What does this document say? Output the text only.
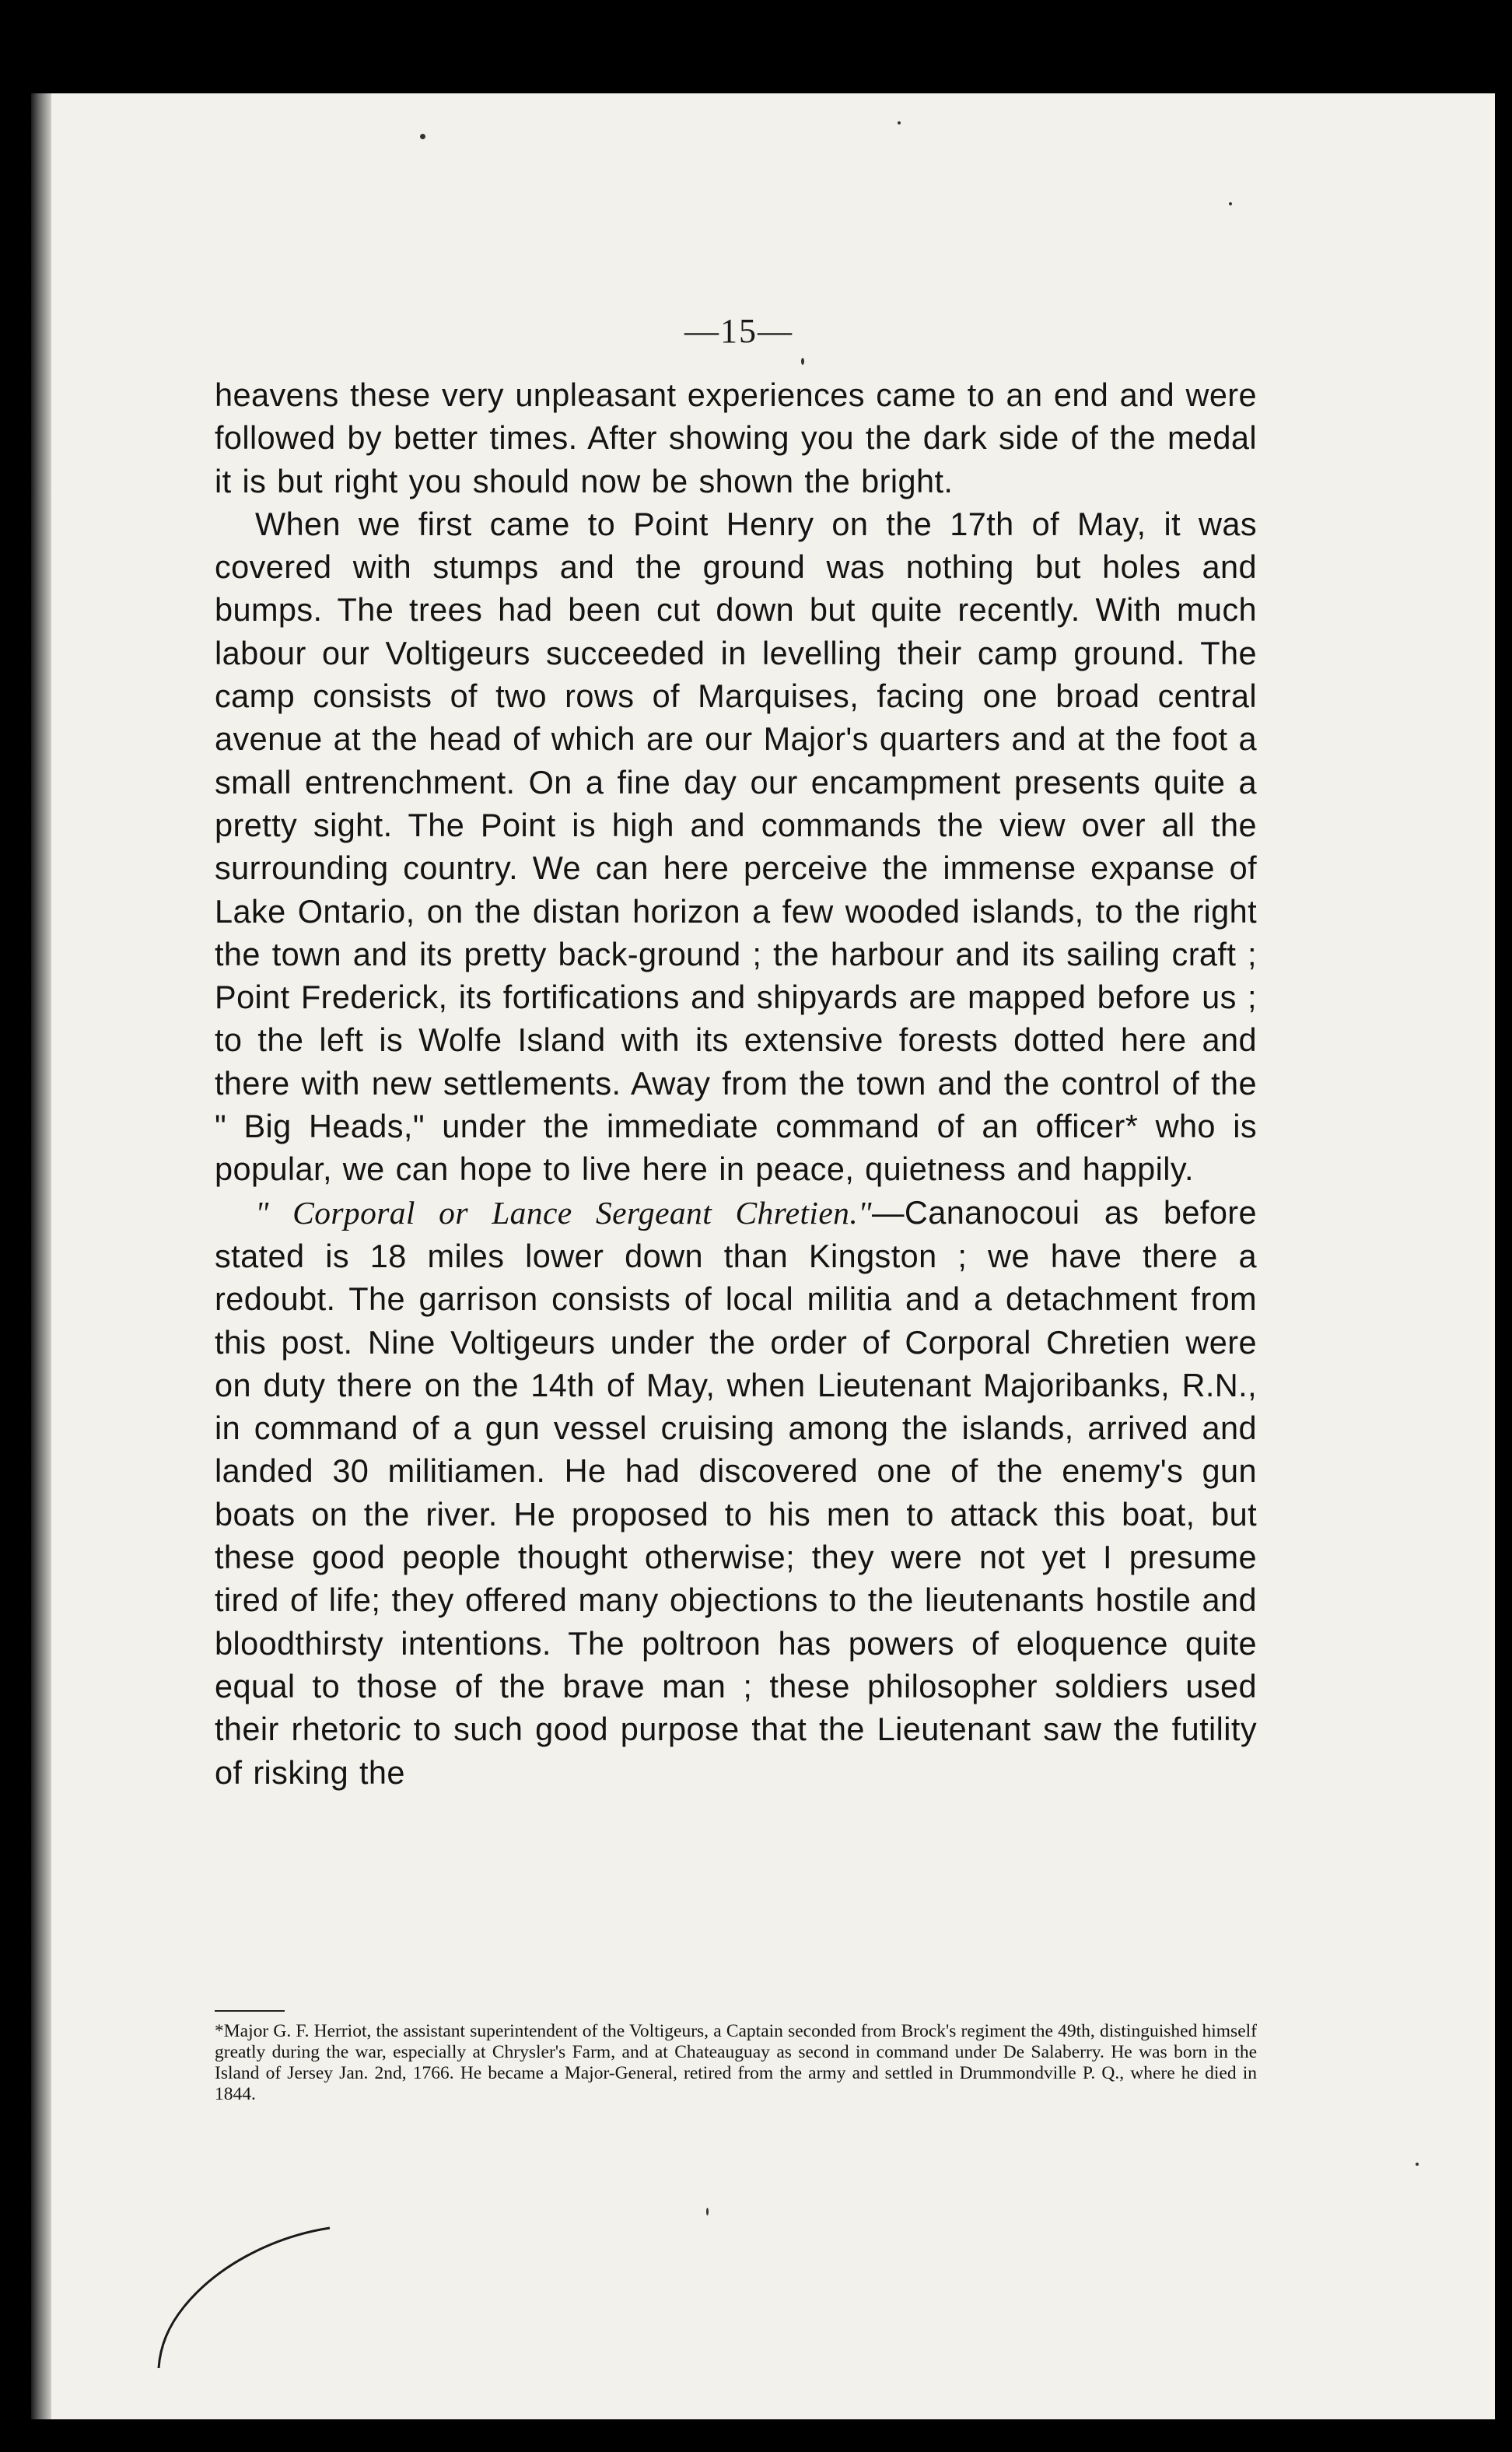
—15—

heavens these very unpleasant experiences came to an end and were followed by better times. After showing you the dark side of the medal it is but right you should now be shown the bright.

When we first came to Point Henry on the 17th of May, it was covered with stumps and the ground was nothing but holes and bumps. The trees had been cut down but quite recently. With much labour our Voltigeurs succeeded in levelling their camp ground. The camp consists of two rows of Marquises, facing one broad central avenue at the head of which are our Major's quarters and at the foot a small entrenchment. On a fine day our encampment presents quite a pretty sight. The Point is high and commands the view over all the surrounding country. We can here perceive the immense expanse of Lake Ontario, on the distan horizon a few wooded islands, to the right the town and its pretty back-ground ; the harbour and its sailing craft ; Point Frederick, its fortifications and shipyards are mapped before us ; to the left is Wolfe Island with its extensive forests dotted here and there with new settlements. Away from the town and the control of the " Big Heads," under the immediate command of an officer* who is popular, we can hope to live here in peace, quietness and happily.

" Corporal or Lance Sergeant Chretien."—Cananocoui as before stated is 18 miles lower down than Kingston ; we have there a redoubt. The garrison consists of local militia and a detachment from this post. Nine Voltigeurs under the order of Corporal Chretien were on duty there on the 14th of May, when Lieutenant Majoribanks, R.N., in command of a gun vessel cruising among the islands, arrived and landed 30 militiamen. He had discovered one of the enemy's gun boats on the river. He proposed to his men to attack this boat, but these good people thought otherwise; they were not yet I presume tired of life; they offered many objections to the lieutenants hostile and bloodthirsty intentions. The poltroon has powers of eloquence quite equal to those of the brave man ; these philosopher soldiers used their rhetoric to such good purpose that the Lieutenant saw the futility of risking the

*Major G. F. Herriot, the assistant superintendent of the Voltigeurs, a Captain seconded from Brock's regiment the 49th, distinguished himself greatly during the war, especially at Chrysler's Farm, and at Chateauguay as second in command under De Salaberry. He was born in the Island of Jersey Jan. 2nd, 1766. He became a Major-General, retired from the army and settled in Drummondville P. Q., where he died in 1844.
